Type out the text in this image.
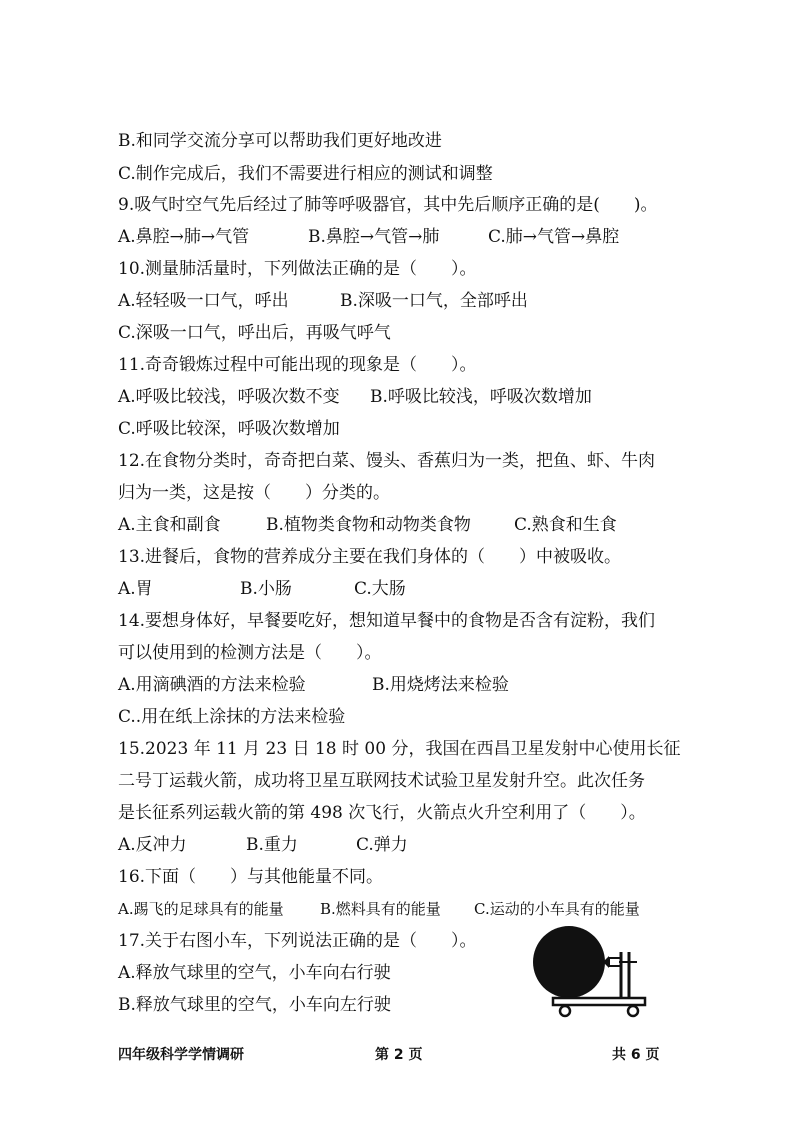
B.和同学交流分享可以帮助我们更好地改进
C.制作完成后，我们不需要进行相应的测试和调整
9.吸气时空气先后经过了肺等呼吸器官，其中先后顺序正确的是(　　)。
A.鼻腔→肺→气管	B.鼻腔→气管→肺	C.肺→气管→鼻腔
10.测量肺活量时，下列做法正确的是（　　）。
A.轻轻吸一口气，呼出	B.深吸一口气，全部呼出
C.深吸一口气，呼出后，再吸气呼气
11.奇奇锻炼过程中可能出现的现象是（　　）。
A.呼吸比较浅，呼吸次数不变 B.呼吸比较浅，呼吸次数增加
C.呼吸比较深，呼吸次数增加
12.在食物分类时，奇奇把白菜、馒头、香蕉归为一类，把鱼、虾、牛肉
归为一类，这是按（　　）分类的。
A.主食和副食	B.植物类食物和动物类食物	C.熟食和生食
13.进餐后，食物的营养成分主要在我们身体的（　　）中被吸收。
A.胃	B.小肠	C.大肠
14.要想身体好，早餐要吃好，想知道早餐中的食物是否含有淀粉，我们
可以使用到的检测方法是（　　）。
A.用滴碘酒的方法来检验	B.用烧烤法来检验
C..用在纸上涂抹的方法来检验
15.2023 年 11 月 23 日 18 时 00 分，我国在西昌卫星发射中心使用长征
二号丁运载火箭，成功将卫星互联网技术试验卫星发射升空。此次任务
是长征系列运载火箭的第 498 次飞行，火箭点火升空利用了（　　）。
A.反冲力	B.重力	C.弹力
16.下面（　　）与其他能量不同。
A.踢飞的足球具有的能量 B.燃料具有的能量 C.运动的小车具有的能量
17.关于右图小车，下列说法正确的是（　　）。
A.释放气球里的空气，小车向右行驶
B.释放气球里的空气，小车向左行驶
四年级科学学情调研	第 2 页	共 6 页
